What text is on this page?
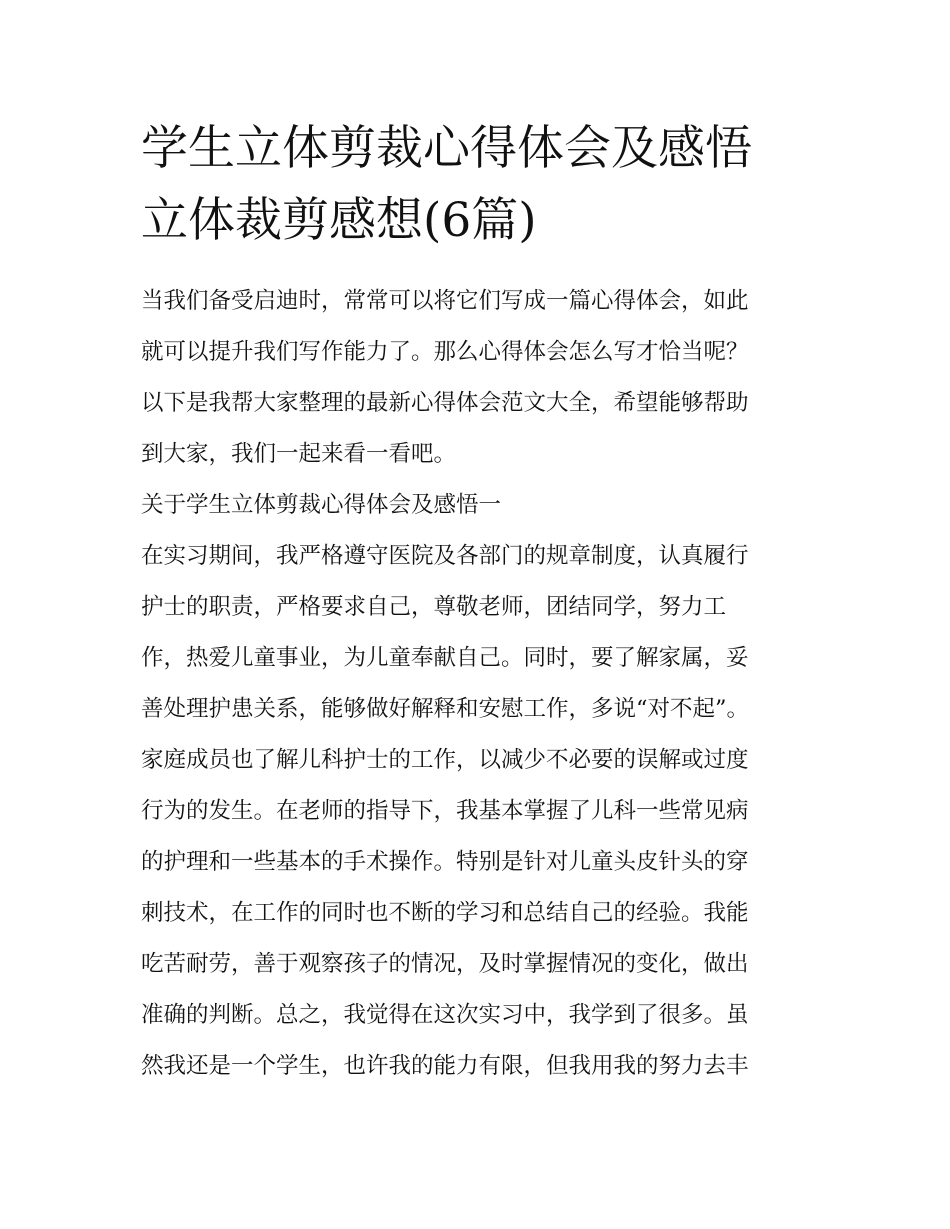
学生立体剪裁心得体会及感悟
立体裁剪感想(6篇)
当我们备受启迪时，常常可以将它们写成一篇心得体会，如此
就可以提升我们写作能力了。那么心得体会怎么写才恰当呢？
以下是我帮大家整理的最新心得体会范文大全，希望能够帮助
到大家，我们一起来看一看吧。
关于学生立体剪裁心得体会及感悟一
在实习期间，我严格遵守医院及各部门的规章制度，认真履行
护士的职责，严格要求自己，尊敬老师，团结同学，努力工
作，热爱儿童事业，为儿童奉献自己。同时，要了解家属，妥
善处理护患关系，能够做好解释和安慰工作，多说“对不起”。
家庭成员也了解儿科护士的工作，以减少不必要的误解或过度
行为的发生。在老师的指导下，我基本掌握了儿科一些常见病
的护理和一些基本的手术操作。特别是针对儿童头皮针头的穿
刺技术，在工作的同时也不断的学习和总结自己的经验。我能
吃苦耐劳，善于观察孩子的情况，及时掌握情况的变化，做出
准确的判断。总之，我觉得在这次实习中，我学到了很多。虽
然我还是一个学生，也许我的能力有限，但我用我的努力去丰
